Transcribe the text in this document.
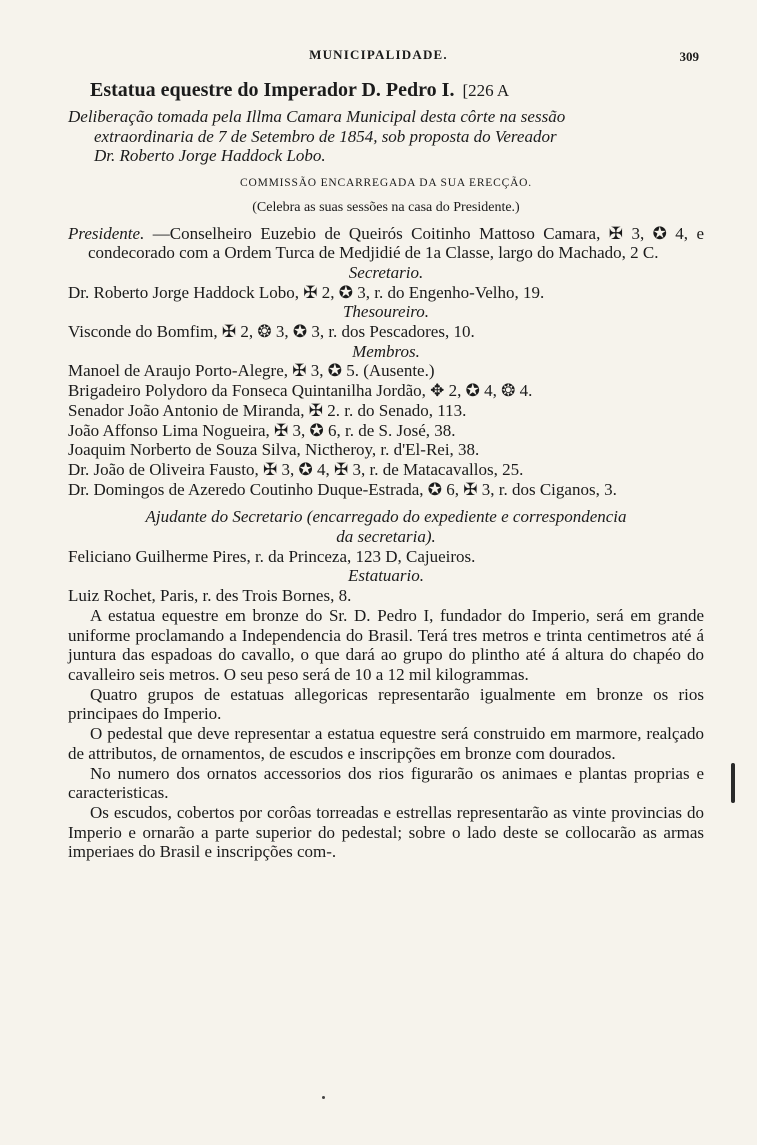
MUNICIPALIDADE.	309

Estatua equestre do Imperador D. Pedro I. [226 A

Deliberação tomada pela Illma Camara Municipal desta côrte na sessão

extraordinaria de 7 de Setembro de 1854, sob proposta do Vereador

Dr. Roberto Jorge Haddock Lobo.

COMMISSÃO ENCARREGADA DA SUA ERECÇÃO.

(Celebra as suas sessões na casa do Presidente.)

Presidente. —Conselheiro Euzebio de Queirós Coitinho Mattoso Camara, ✠ 3, ✪ 4, e condecorado com a Ordem Turca de Medjidié de 1a Classe, largo do Machado, 2 C.

Secretario.

Dr. Roberto Jorge Haddock Lobo, ✠ 2, ✪ 3, r. do Engenho-Velho, 19.

Thesoureiro.

Visconde do Bomfim, ✠ 2, ❂ 3, ✪ 3, r. dos Pescadores, 10.

Membros.

Manoel de Araujo Porto-Alegre, ✠ 3, ✪ 5. (Ausente.)

Brigadeiro Polydoro da Fonseca Quintanilha Jordão, ✥ 2, ✪ 4, ❂ 4.

Senador João Antonio de Miranda, ✠ 2. r. do Senado, 113.

João Affonso Lima Nogueira, ✠ 3, ✪ 6, r. de S. José, 38.

Joaquim Norberto de Souza Silva, Nictheroy, r. d'El-Rei, 38.

Dr. João de Oliveira Fausto, ✠ 3, ✪ 4, ✠ 3, r. de Matacavallos, 25.

Dr. Domingos de Azeredo Coutinho Duque-Estrada, ✪ 6, ✠ 3, r. dos Ciganos, 3.

Ajudante do Secretario (encarregado do expediente e correspondencia

da secretaria).

Feliciano Guilherme Pires, r. da Princeza, 123 D, Cajueiros.

Estatuario.

Luiz Rochet, Paris, r. des Trois Bornes, 8.

A estatua equestre em bronze do Sr. D. Pedro I, fundador do Imperio, será em grande uniforme proclamando a Independencia do Brasil. Terá tres metros e trinta centimetros até á juntura das espadoas do cavallo, o que dará ao grupo do plintho até á altura do chapéo do cavalleiro seis metros. O seu peso será de 10 a 12 mil kilogrammas.

Quatro grupos de estatuas allegoricas representarão igualmente em bronze os rios principaes do Imperio.

O pedestal que deve representar a estatua equestre será construido em marmore, realçado de attributos, de ornamentos, de escudos e inscripções em bronze com dourados.

No numero dos ornatos accessorios dos rios figurarão os animaes e plantas proprias e caracteristicas.

Os escudos, cobertos por corôas torreadas e estrellas representarão as vinte provincias do Imperio e ornarão a parte superior do pedestal; sobre o lado deste se collocarão as armas imperiaes do Brasil e inscripções com-.
